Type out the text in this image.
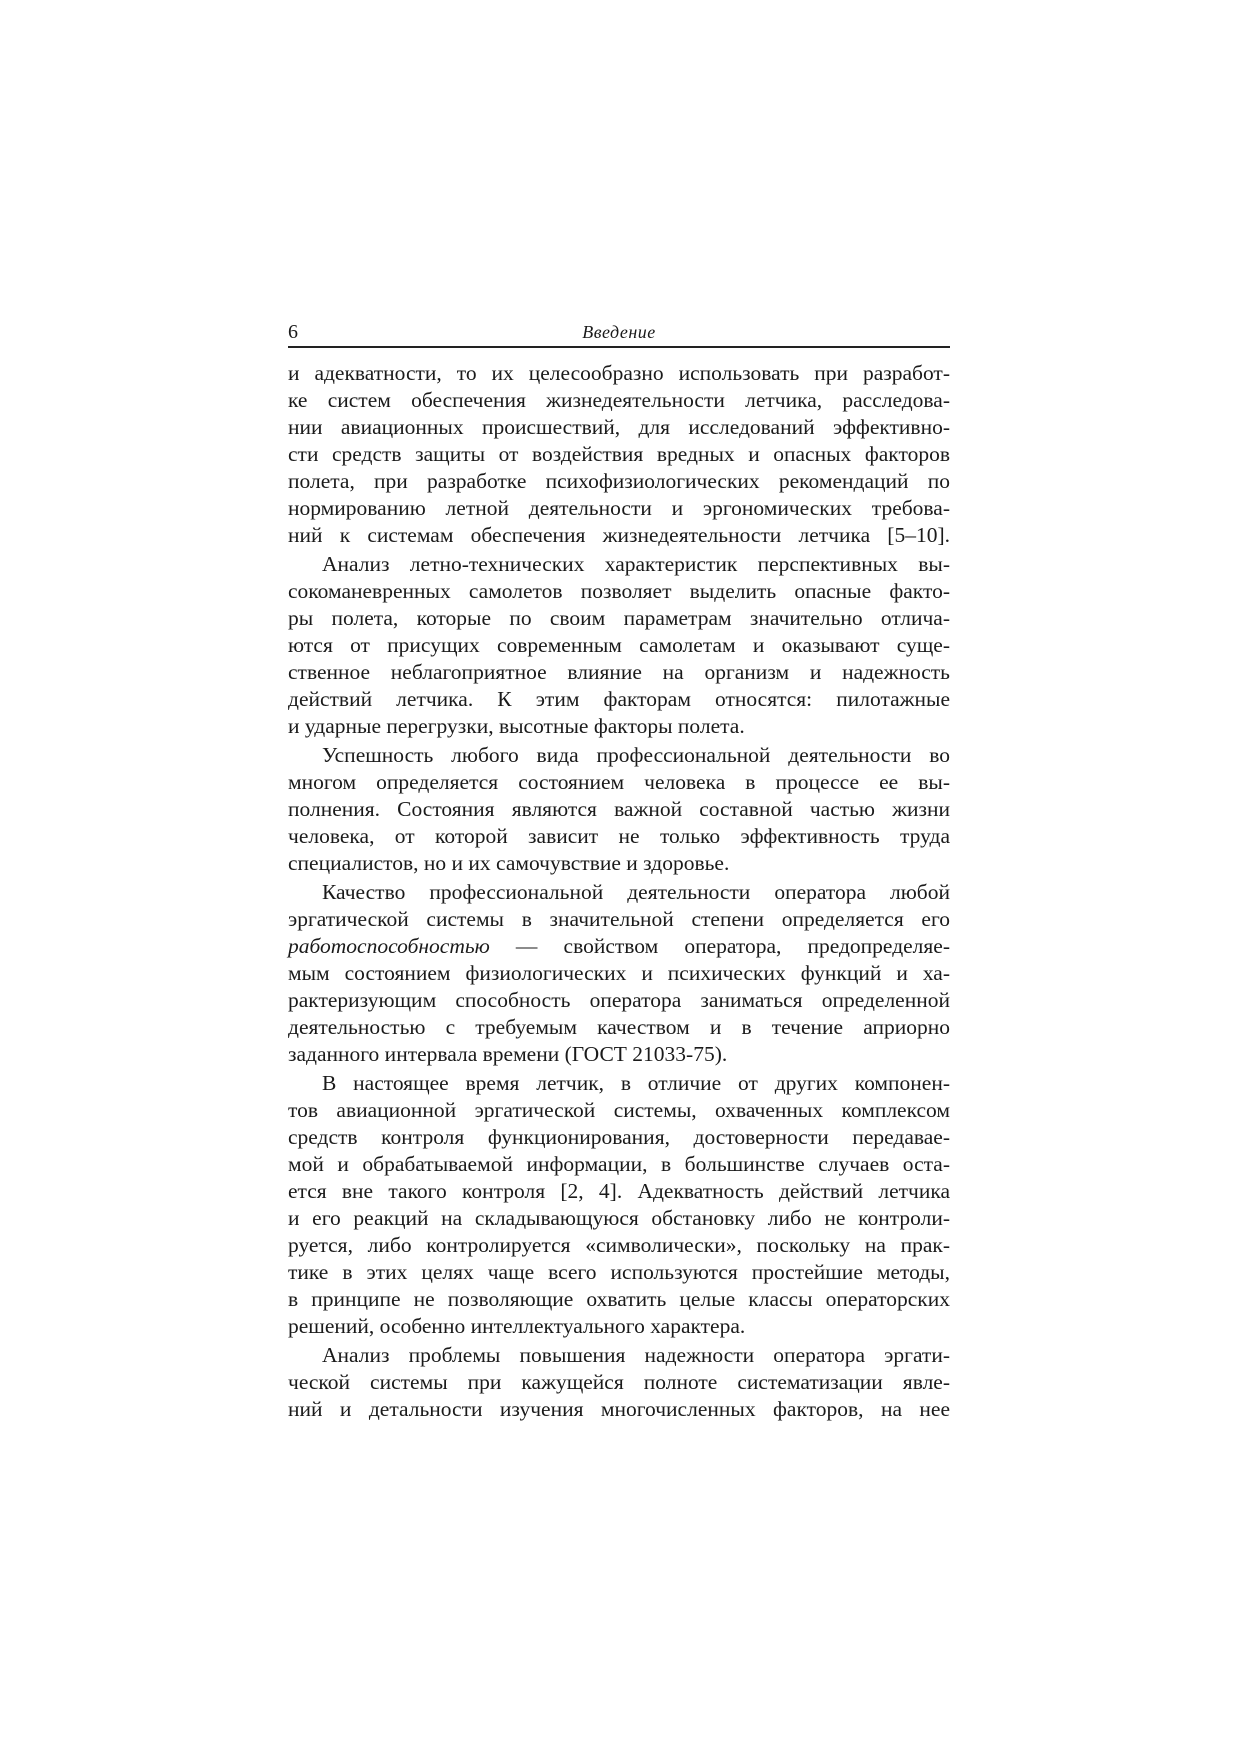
6	Введение
и адекватности, то их целесообразно использовать при разработ-
ке систем обеспечения жизнедеятельности летчика, расследова-
нии авиационных происшествий, для исследований эффективно-
сти средств защиты от воздействия вредных и опасных факторов
полета, при разработке психофизиологических рекомендаций по
нормированию летной деятельности и эргономических требова-
ний к системам обеспечения жизнедеятельности летчика [5–10].
Анализ летно-технических характеристик перспективных вы-
сокоманевренных самолетов позволяет выделить опасные факто-
ры полета, которые по своим параметрам значительно отлича-
ются от присущих современным самолетам и оказывают суще-
ственное неблагоприятное влияние на организм и надежность
действий летчика. К этим факторам относятся: пилотажные
и ударные перегрузки, высотные факторы полета.
Успешность любого вида профессиональной деятельности во
многом определяется состоянием человека в процессе ее вы-
полнения. Состояния являются важной составной частью жизни
человека, от которой зависит не только эффективность труда
специалистов, но и их самочувствие и здоровье.
Качество профессиональной деятельности оператора любой
эргатической системы в значительной степени определяется его
работоспособностью — свойством оператора, предопределяе-
мым состоянием физиологических и психических функций и ха-
рактеризующим способность оператора заниматься определенной
деятельностью с требуемым качеством и в течение априорно
заданного интервала времени (ГОСТ 21033-75).
В настоящее время летчик, в отличие от других компонен-
тов авиационной эргатической системы, охваченных комплексом
средств контроля функционирования, достоверности передавае-
мой и обрабатываемой информации, в большинстве случаев оста-
ется вне такого контроля [2, 4]. Адекватность действий летчика
и его реакций на складывающуюся обстановку либо не контроли-
руется, либо контролируется «символически», поскольку на прак-
тике в этих целях чаще всего используются простейшие методы,
в принципе не позволяющие охватить целые классы операторских
решений, особенно интеллектуального характера.
Анализ проблемы повышения надежности оператора эргати-
ческой системы при кажущейся полноте систематизации явле-
ний и детальности изучения многочисленных факторов, на нее
